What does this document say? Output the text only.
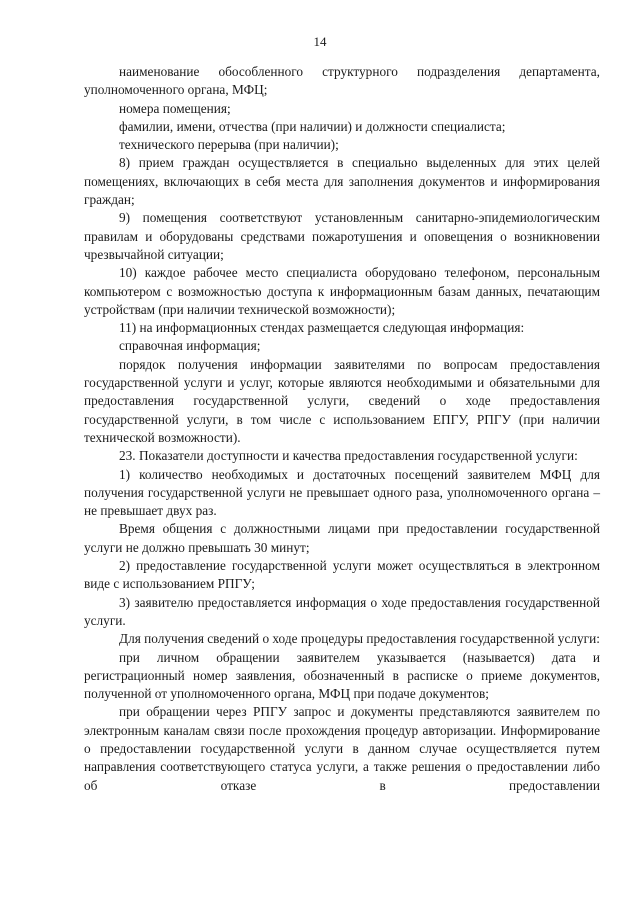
14

наименование обособленного структурного подразделения департамента, уполномоченного органа, МФЦ;

номера помещения;

фамилии, имени, отчества (при наличии) и должности специалиста;

технического перерыва (при наличии);

8) прием граждан осуществляется в специально выделенных для этих целей помещениях, включающих в себя места для заполнения документов и информирования граждан;

9) помещения соответствуют установленным санитарно-эпидемиологическим правилам и оборудованы средствами пожаротушения и оповещения о возникновении чрезвычайной ситуации;

10) каждое рабочее место специалиста оборудовано телефоном, персональным компьютером с возможностью доступа к информационным базам данных, печатающим устройствам (при наличии технической возможности);

11) на информационных стендах размещается следующая информация:

справочная информация;

порядок получения информации заявителями по вопросам предоставления государственной услуги и услуг, которые являются необходимыми и обязательными для предоставления государственной услуги, сведений о ходе предоставления государственной услуги, в том числе с использованием ЕПГУ, РПГУ (при наличии технической возможности).

23. Показатели доступности и качества предоставления государственной услуги:

1) количество необходимых и достаточных посещений заявителем МФЦ для получения государственной услуги не превышает одного раза, уполномоченного органа – не превышает двух раз.

Время общения с должностными лицами при предоставлении государственной услуги не должно превышать 30 минут;

2) предоставление государственной услуги может осуществляться в электронном виде с использованием РПГУ;

3) заявителю предоставляется информация о ходе предоставления государственной услуги.

Для получения сведений о ходе процедуры предоставления государственной услуги:

при личном обращении заявителем указывается (называется) дата и регистрационный номер заявления, обозначенный в расписке о приеме документов, полученной от уполномоченного органа, МФЦ при подаче документов;

при обращении через РПГУ запрос и документы представляются заявителем по электронным каналам связи после прохождения процедур авторизации. Информирование о предоставлении государственной услуги в данном случае осуществляется путем направления соответствующего статуса услуги, а также решения о предоставлении либо об отказе в предоставлении
